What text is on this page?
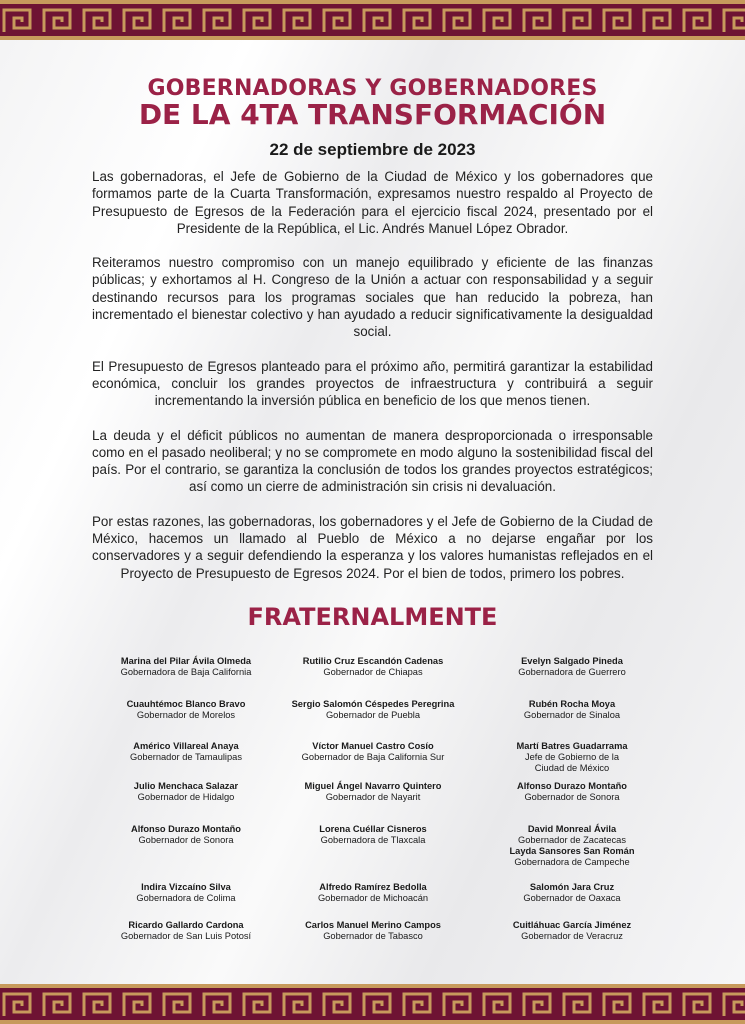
GOBERNADORAS Y GOBERNADORES
DE LA 4TA TRANSFORMACIÓN
22 de septiembre de 2023

Las gobernadoras, el Jefe de Gobierno de la Ciudad de México y los gobernadores que formamos parte de la Cuarta Transformación, expresamos nuestro respaldo al Proyecto de Presupuesto de Egresos de la Federación para el ejercicio fiscal 2024, presentado por el Presidente de la República, el Lic. Andrés Manuel López Obrador.

Reiteramos nuestro compromiso con un manejo equilibrado y eficiente de las finanzas públicas; y exhortamos al H. Congreso de la Unión a actuar con responsabilidad y a seguir destinando recursos para los programas sociales que han reducido la pobreza, han incrementado el bienestar colectivo y han ayudado a reducir significativamente la desigualdad social.

El Presupuesto de Egresos planteado para el próximo año, permitirá garantizar la estabilidad económica, concluir los grandes proyectos de infraestructura y contribuirá a seguir incrementando la inversión pública en beneficio de los que menos tienen.

La deuda y el déficit públicos no aumentan de manera desproporcionada o irresponsable como en el pasado neoliberal; y no se compromete en modo alguno la sostenibilidad fiscal del país. Por el contrario, se garantiza la conclusión de todos los grandes proyectos estratégicos; así como un cierre de administración sin crisis ni devaluación.

Por estas razones, las gobernadoras, los gobernadores y el Jefe de Gobierno de la Ciudad de México, hacemos un llamado al Pueblo de México a no dejarse engañar por los conservadores y a seguir defendiendo la esperanza y los valores humanistas reflejados en el Proyecto de Presupuesto de Egresos 2024. Por el bien de todos, primero los pobres.

FRATERNALMENTE
Marina del Pilar Ávila Olmeda
Gobernadora de Baja California
Rutilio Cruz Escandón Cadenas
Gobernador de Chiapas
Evelyn Salgado Pineda
Gobernadora de Guerrero
Cuauhtémoc Blanco Bravo
Gobernador de Morelos
Sergio Salomón Céspedes Peregrina
Gobernador de Puebla
Rubén Rocha Moya
Gobernador de Sinaloa
Américo Villareal Anaya
Gobernador de Tamaulipas
Víctor Manuel Castro Cosío
Gobernador de Baja California Sur
Martí Batres Guadarrama
Jefe de Gobierno de la
Ciudad de México
Julio Menchaca Salazar
Gobernador de Hidalgo
Miguel Ángel Navarro Quintero
Gobernador de Nayarit
Alfonso Durazo Montaño
Gobernador de Sonora
Alfonso Durazo Montaño
Gobernador de Sonora
Lorena Cuéllar Cisneros
Gobernadora de Tlaxcala
David Monreal Ávila
Gobernador de Zacatecas
Layda Sansores San Román
Gobernadora de Campeche
Indira Vizcaíno Silva
Gobernadora de Colima
Alfredo Ramírez Bedolla
Gobernador de Michoacán
Salomón Jara Cruz
Gobernador de Oaxaca
Ricardo Gallardo Cardona
Gobernador de San Luis Potosí
Carlos Manuel Merino Campos
Gobernador de Tabasco
Cuitláhuac García Jiménez
Gobernador de Veracruz
